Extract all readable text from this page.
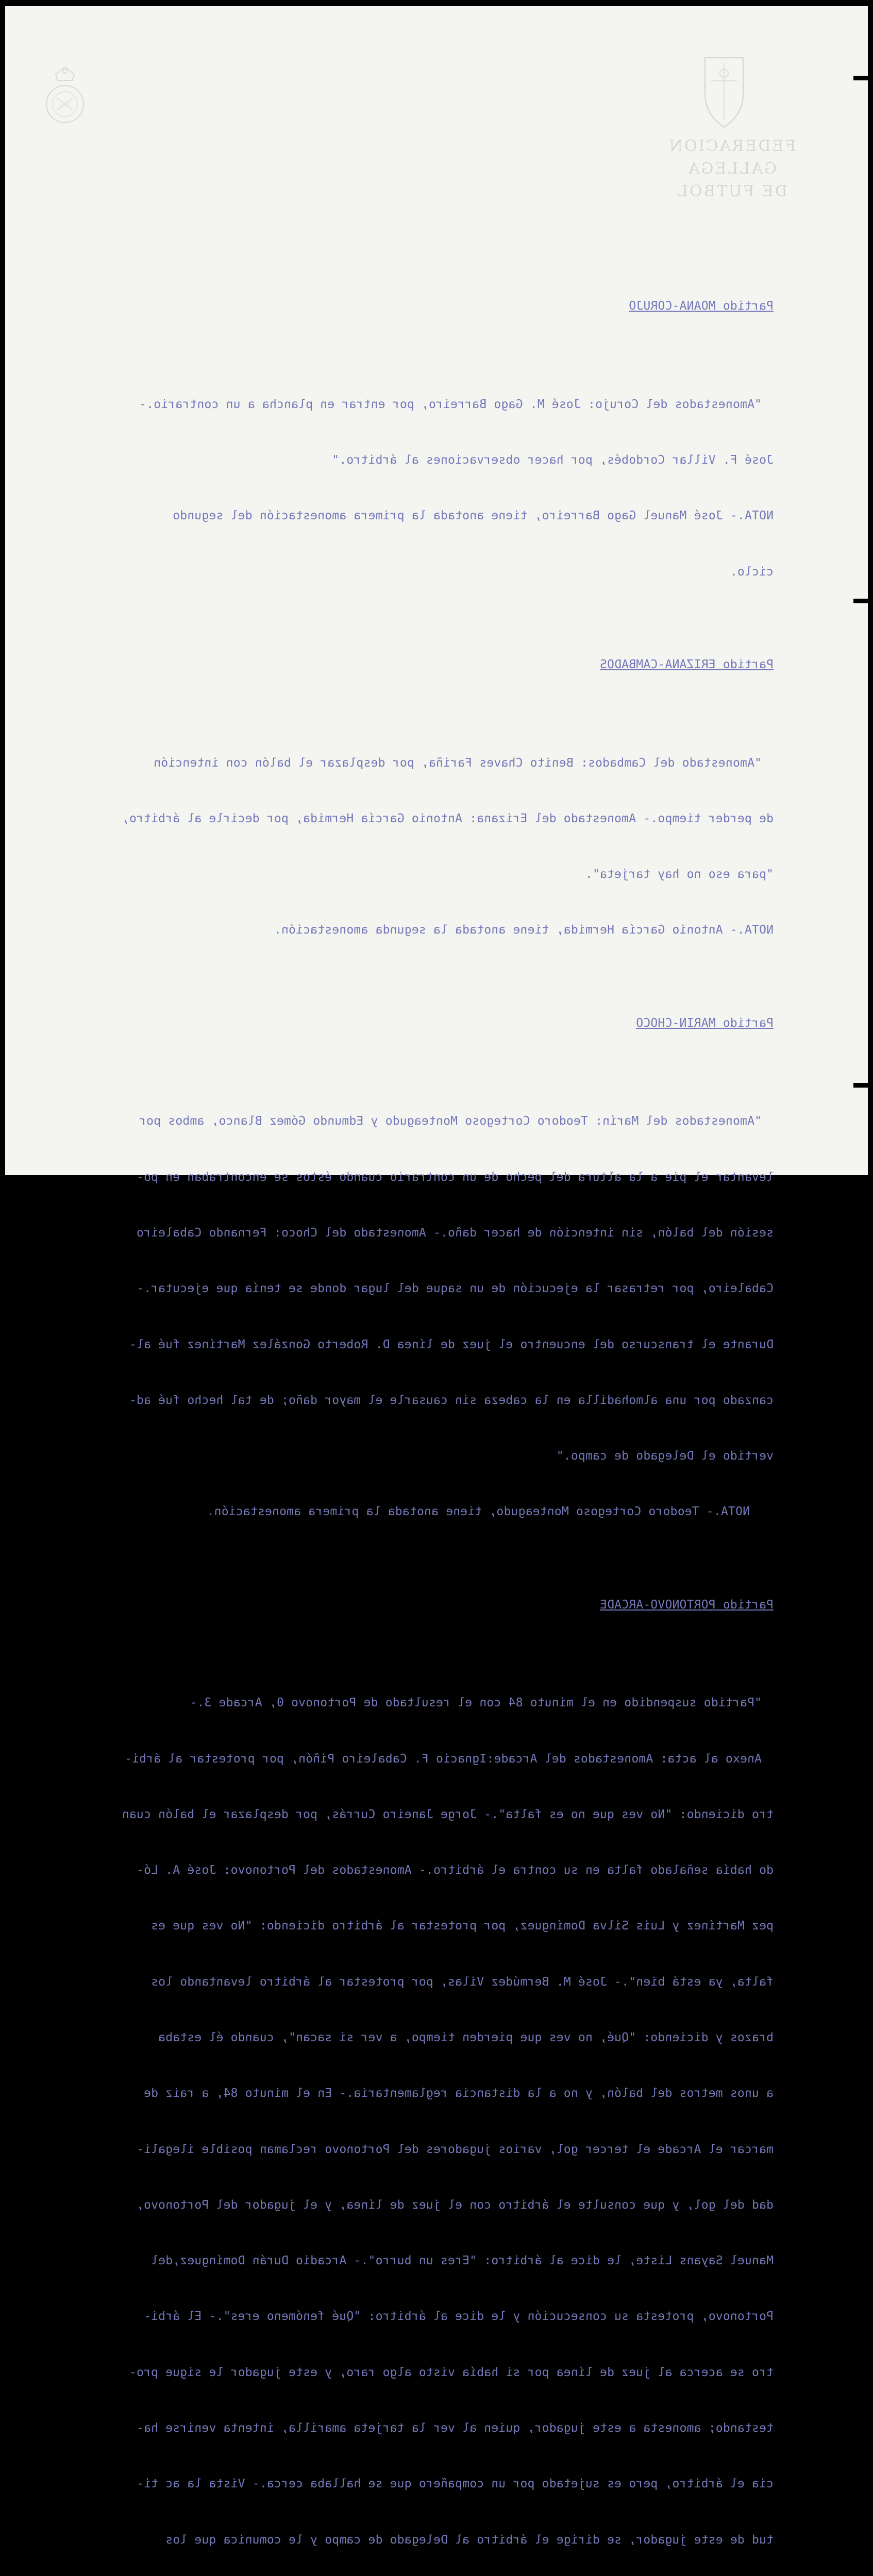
FEDERACION GALLEGA
DE FUTBOL

Partido MOANA-CORUJO

"Amonestados del Corujo: José M. Gago Barreiro, por entrar en plancha a un contrario.-

José F. Villar Cordobés, por hacer observaciones al árbitro."

NOTA.- José Manuel Gago Barreiro, tiene anotada la primera amonestación del segundo

ciclo.

Partido ERIZANA-CAMBADOS

"Amonestado del Cambados: Benito Chaves Fariña, por desplazar el balón con intención

de perder tiempo.- Amonestado del Erizana: Antonio García Hermida, por decirle al árbitro,

"para eso no hay tarjeta".

NOTA.- Antonio García Hermida, tiene anotada la segunda amonestación.

Partido MARIN-CHOCO

"Amonestados del Marín: Teodoro Cortegoso Monteagudo y Edmundo Gómez Blanco, ambos por

levantar el pie a la altura del pecho de un contrario cuando éstos se encontraban en po-

sesión del balón, sin intención de hacer daño.- Amonestado del Choco: Fernando Cabaleiro

Cabaleiro, por retrasar la ejecución de un saque del lugar donde se tenía que ejecutar.-

Durante el transcurso del encuentro el juez de línea D. Roberto González Martínez fué al-

canzado por una almohadilla en la cabeza sin causarle el mayor daño; de tal hecho fué ad-

vertido el Delegado de campo."

NOTA.- Teodoro Cortegoso Monteagudo, tiene anotada la primera amonestación.

Partido PORTONOVO-ARCADE

"Partido suspendido en el minuto 84 con el resultado de Portonovo 0, Arcade 3.-

Anexo al acta: Amonestados del Arcade:Ignacio F. Cabaleiro Piñón, por protestar al árbi-

tro diciendo: "No ves que no es falta".- Jorge Janeiro Currás, por desplazar el balón cuan

do había señalado falta en su contra el árbitro.- Amonestados del Portonovo: José A. Ló-

pez Martínez y Luis Silva Domínguez, por protestar al árbitro diciendo: "No ves que es

falta, ya está bien".- José M. Bermúdez Vilas, por protestar al árbitro levantando los

brazos y diciendo: "Qué, no ves que pierden tiempo, a ver si sacan", cuando él estaba

a unos metros del balón, y no a la distancia reglamentaria.- En el minuto 84, a raiz de

marcar el Arcade el tercer gol, varios jugadores del Portonovo reclaman posible ilegali-

dad del gol, y que consulte el árbitro con el juez de línea, y el jugador del Portonovo,

Manuel Sayans Liste, le dice al árbitro: "Eres un burro".- Arcadio Durán Domínguez,del

Portonovo, protesta su consecución y le dice al árbitro: "Qué fenómeno eres".- El árbi-

tro se acerca al juez de línea por si había visto algo raro, y este jugador le sigue pro-

testando; amonesta a este jugador, quien al ver la tarjeta amarilla, intenta venirse ha-

cia el árbitro, pero es sujetado por un compañero que se hallaba cerca.- Vista la ac ti-

tud de este jugador, se dirige el árbitro al Delegado de campo y le comunica que los
